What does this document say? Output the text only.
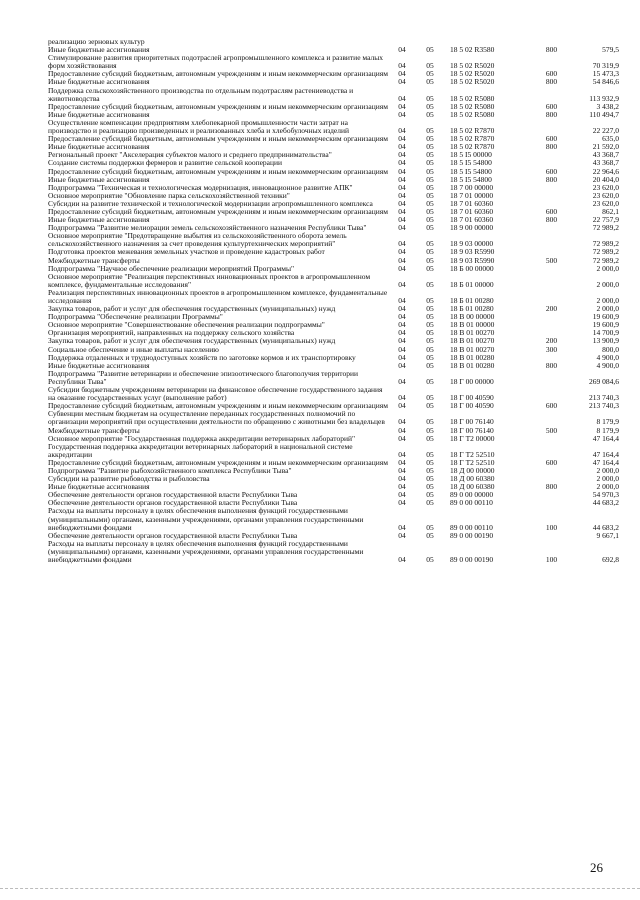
реализацию зерновых культур					
Иные бюджетные ассигнования	04	05	18 5 02 R3580	800	579,5
Стимулирование развития приоритетных подотраслей агропромышленного комплекса и развитие малых форм хозяйствования	04	05	18 5 02 R5020		70 319,9
Предоставление субсидий бюджетным, автономным учреждениям и иным некоммерческим организациям	04	05	18 5 02 R5020	600	15 473,3
Иные бюджетные ассигнования	04	05	18 5 02 R5020	800	54 846,6
Поддержка сельскохозяйственного производства по отдельным подотраслям растениеводства и животноводства	04	05	18 5 02 R5080		113 932,9
Предоставление субсидий бюджетным, автономным учреждениям и иным некоммерческим организациям	04	05	18 5 02 R5080	600	3 438,2
Иные бюджетные ассигнования	04	05	18 5 02 R5080	800	110 494,7
Осуществление компенсации предприятиям хлебопекарной промышленности части затрат на производство и реализацию произведенных и реализованных хлеба и хлебобулочных изделий	04	05	18 5 02 R7870		22 227,0
Предоставление субсидий бюджетным, автономным учреждениям и иным некоммерческим организациям	04	05	18 5 02 R7870	600	635,0
Иные бюджетные ассигнования	04	05	18 5 02 R7870	800	21 592,0
Региональный проект "Акселерация субъектов малого и среднего предпринимательства"	04	05	18 5 I5 00000		43 368,7
Создание системы поддержки фермеров и развитие сельской кооперации	04	05	18 5 I5 54800		43 368,7
Предоставление субсидий бюджетным, автономным учреждениям и иным некоммерческим организациям	04	05	18 5 I5 54800	600	22 964,6
Иные бюджетные ассигнования	04	05	18 5 I5 54800	800	20 404,0
Подпрограмма "Техническая и технологическая модернизация, инновационное развитие АПК"	04	05	18 7 00 00000		23 620,0
Основное мероприятие "Обновление парка сельскохозяйственной техники"	04	05	18 7 01 00000		23 620,0
Субсидии на развитие технической и технологической модернизации агропромышленного комплекса	04	05	18 7 01 60360		23 620,0
Предоставление субсидий бюджетным, автономным учреждениям и иным некоммерческим организациям	04	05	18 7 01 60360	600	862,1
Иные бюджетные ассигнования	04	05	18 7 01 60360	800	22 757,9
Подпрограмма "Развитие мелиорации земель сельскохозяйственного назначения Республики Тыва"	04	05	18 9 00 00000		72 989,2
Основное мероприятие "Предотвращение выбытия из сельскохозяйственного оборота земель сельскохозяйственного назначения за счет проведения культуртехнических мероприятий"	04	05	18 9 03 00000		72 989,2
Подготовка проектов межевания земельных участков и проведение кадастровых работ	04	05	18 9 03 R5990		72 989,2
Межбюджетные трансферты	04	05	18 9 03 R5990	500	72 989,2
Подпрограмма "Научное обеспечение реализации мероприятий Программы"	04	05	18 Б 00 00000		2 000,0
Основное мероприятие "Реализация перспективных инновационных проектов в агропромышленном комплексе, фундаментальные исследования"	04	05	18 Б 01 00000		2 000,0
Реализация перспективных инновационных проектов в агропромышленном комплексе, фундаментальные исследования	04	05	18 Б 01 00280		2 000,0
Закупка товаров, работ и услуг для обеспечения государственных (муниципальных) нужд	04	05	18 Б 01 00280	200	2 000,0
Подпрограмма "Обеспечение реализации Программы"	04	05	18 В 00 00000		19 600,9
Основное мероприятие "Совершенствование обеспечения реализации подпрограммы"	04	05	18 В 01 00000		19 600,9
Организация мероприятий, направленных на поддержку сельского хозяйства	04	05	18 В 01 00270		14 700,9
Закупка товаров, работ и услуг для обеспечения государственных (муниципальных) нужд	04	05	18 В 01 00270	200	13 900,9
Социальное обеспечение и иные выплаты населению	04	05	18 В 01 00270	300	800,0
Поддержка отдаленных и труднодоступных хозяйств по заготовке кормов и их транспортировку	04	05	18 В 01 00280		4 900,0
Иные бюджетные ассигнования	04	05	18 В 01 00280	800	4 900,0
Подпрограмма "Развитие ветеринарии и обеспечение эпизоотического благополучия территории Республики Тыва"	04	05	18 Г 00 00000		269 084,6
Субсидии бюджетным учреждениям ветеринарии на финансовое обеспечение государственного задания на оказание государственных услуг (выполнение работ)	04	05	18 Г 00 40590		213 740,3
Предоставление субсидий бюджетным, автономным учреждениям и иным некоммерческим организациям	04	05	18 Г 00 40590	600	213 740,3
Субвенции местным бюджетам на осуществление переданных государственных полномочий по организации мероприятий при осуществлении деятельности по обращению с животными без владельцев	04	05	18 Г 00 76140		8 179,9
Межбюджетные трансферты	04	05	18 Г 00 76140	500	8 179,9
Основное мероприятие "Государственная поддержка аккредитации ветеринарных лабораторий"	04	05	18 Г Т2 00000		47 164,4
Государственная поддержка аккредитации ветеринарных лабораторий в национальной системе аккредитации	04	05	18 Г Т2 52510		47 164,4
Предоставление субсидий бюджетным, автономным учреждениям и иным некоммерческим организациям	04	05	18 Г Т2 52510	600	47 164,4
Подпрограмма "Развитие рыбохозяйственного комплекса Республики Тыва"	04	05	18 Д 00 00000		2 000,0
Субсидии на развитие рыбоводства и рыболовства	04	05	18 Д 00 60380		2 000,0
Иные бюджетные ассигнования	04	05	18 Д 00 60380	800	2 000,0
Обеспечение деятельности органов государственной власти Республики Тыва	04	05	89 0 00 00000		54 970,3
Обеспечение деятельности органов государственной власти Республики Тыва	04	05	89 0 00 00110		44 683,2
Расходы на выплаты персоналу в целях обеспечения выполнения функций государственными (муниципальными) органами, казенными учреждениями, органами управления государственными внебюджетными фондами	04	05	89 0 00 00110	100	44 683,2
Обеспечение деятельности органов государственной власти Республики Тыва	04	05	89 0 00 00190		9 667,1
Расходы на выплаты персоналу в целях обеспечения выполнения функций государственными (муниципальными) органами, казенными учреждениями, органами управления государственными внебюджетными фондами	04	05	89 0 00 00190	100	692,8
26
